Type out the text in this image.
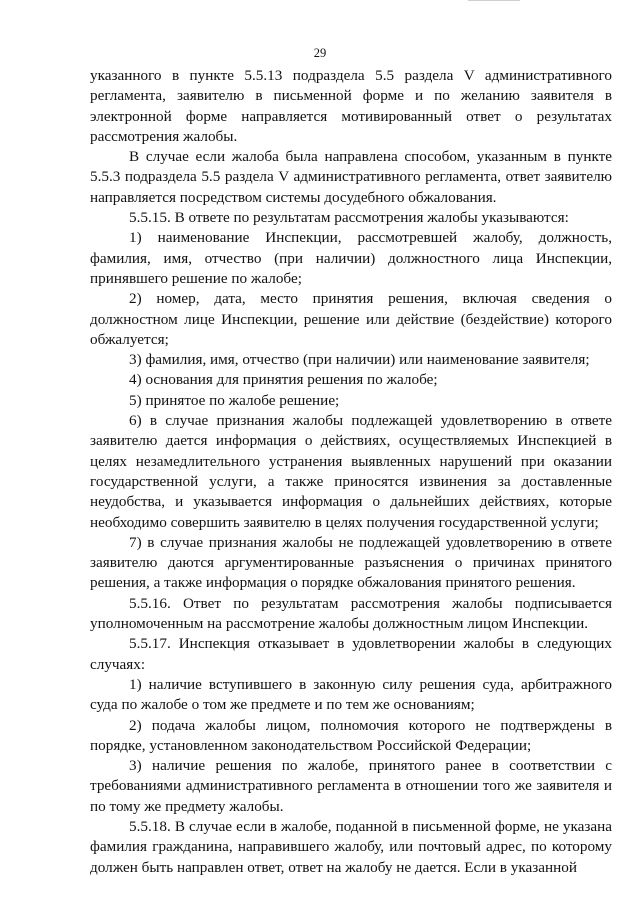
29

указанного в пункте 5.5.13 подраздела 5.5 раздела V административного регламента, заявителю в письменной форме и по желанию заявителя в электронной форме направляется мотивированный ответ о результатах рассмотрения жалобы.

В случае если жалоба была направлена способом, указанным в пункте 5.5.3 подраздела 5.5 раздела V административного регламента, ответ заявителю направляется посредством системы досудебного обжалования.

5.5.15. В ответе по результатам рассмотрения жалобы указываются:

1) наименование Инспекции, рассмотревшей жалобу, должность, фамилия, имя, отчество (при наличии) должностного лица Инспекции, принявшего решение по жалобе;

2) номер, дата, место принятия решения, включая сведения о должностном лице Инспекции, решение или действие (бездействие) которого обжалуется;

3) фамилия, имя, отчество (при наличии) или наименование заявителя;

4) основания для принятия решения по жалобе;

5) принятое по жалобе решение;

6) в случае признания жалобы подлежащей удовлетворению в ответе заявителю дается информация о действиях, осуществляемых Инспекцией в целях незамедлительного устранения выявленных нарушений при оказании государственной услуги, а также приносятся извинения за доставленные неудобства, и указывается информация о дальнейших действиях, которые необходимо совершить заявителю в целях получения государственной услуги;

7) в случае признания жалобы не подлежащей удовлетворению в ответе заявителю даются аргументированные разъяснения о причинах принятого решения, а также информация о порядке обжалования принятого решения.

5.5.16. Ответ по результатам рассмотрения жалобы подписывается уполномоченным на рассмотрение жалобы должностным лицом Инспекции.

5.5.17. Инспекция отказывает в удовлетворении жалобы в следующих случаях:

1) наличие вступившего в законную силу решения суда, арбитражного суда по жалобе о том же предмете и по тем же основаниям;

2) подача жалобы лицом, полномочия которого не подтверждены в порядке, установленном законодательством Российской Федерации;

3) наличие решения по жалобе, принятого ранее в соответствии с требованиями административного регламента в отношении того же заявителя и по тому же предмету жалобы.

5.5.18. В случае если в жалобе, поданной в письменной форме, не указана фамилия гражданина, направившего жалобу, или почтовый адрес, по которому должен быть направлен ответ, ответ на жалобу не дается. Если в указанной
